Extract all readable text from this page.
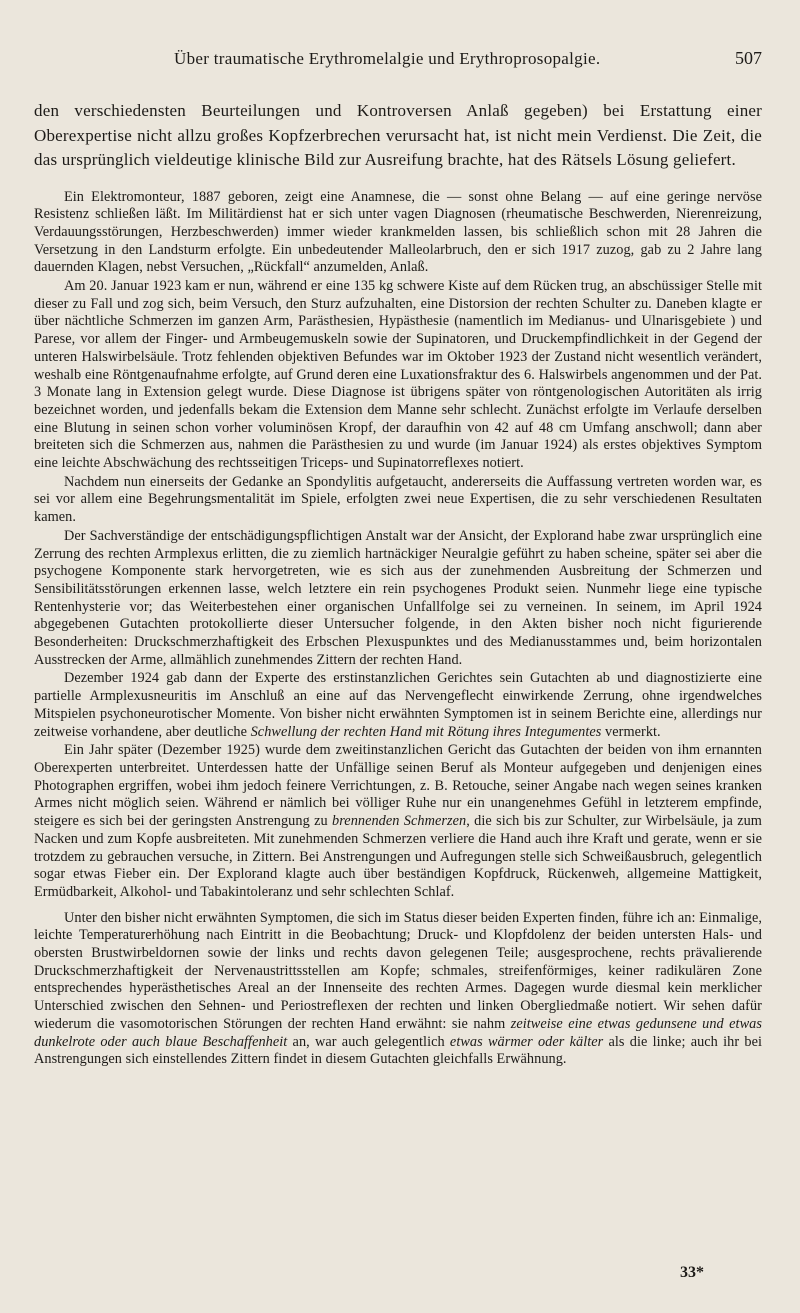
Über traumatische Erythromelalgie und Erythroprosopalgie.	507

den verschiedensten Beurteilungen und Kontroversen Anlaß gegeben) bei Erstattung einer Oberexpertise nicht allzu großes Kopfzerbrechen verursacht hat, ist nicht mein Verdienst. Die Zeit, die das ursprünglich vieldeutige klinische Bild zur Ausreifung brachte, hat des Rätsels Lösung geliefert.

Ein Elektromonteur, 1887 geboren, zeigt eine Anamnese, die — sonst ohne Belang — auf eine geringe nervöse Resistenz schließen läßt. Im Militärdienst hat er sich unter vagen Diagnosen (rheumatische Beschwerden, Nierenreizung, Verdauungsstörungen, Herzbeschwerden) immer wieder krankmelden lassen, bis schließlich schon mit 28 Jahren die Versetzung in den Landsturm erfolgte. Ein unbedeutender Malleolarbruch, den er sich 1917 zuzog, gab zu 2 Jahre lang dauernden Klagen, nebst Versuchen, „Rückfall“ anzumelden, Anlaß.

Am 20. Januar 1923 kam er nun, während er eine 135 kg schwere Kiste auf dem Rücken trug, an abschüssiger Stelle mit dieser zu Fall und zog sich, beim Versuch, den Sturz aufzuhalten, eine Distorsion der rechten Schulter zu. Daneben klagte er über nächtliche Schmerzen im ganzen Arm, Parästhesien, Hypästhesie (namentlich im Medianus- und Ulnarisgebiete ) und Parese, vor allem der Finger- und Armbeugemuskeln sowie der Supinatoren, und Druckempfindlichkeit in der Gegend der unteren Halswirbelsäule. Trotz fehlenden objektiven Befundes war im Oktober 1923 der Zustand nicht wesentlich verändert, weshalb eine Röntgenaufnahme erfolgte, auf Grund deren eine Luxationsfraktur des 6. Halswirbels angenommen und der Pat. 3 Monate lang in Extension gelegt wurde. Diese Diagnose ist übrigens später von röntgenologischen Autoritäten als irrig bezeichnet worden, und jedenfalls bekam die Extension dem Manne sehr schlecht. Zunächst erfolgte im Verlaufe derselben eine Blutung in seinen schon vorher voluminösen Kropf, der daraufhin von 42 auf 48 cm Umfang anschwoll; dann aber breiteten sich die Schmerzen aus, nahmen die Parästhesien zu und wurde (im Januar 1924) als erstes objektives Symptom eine leichte Abschwächung des rechtsseitigen Triceps- und Supinatorreflexes notiert.

Nachdem nun einerseits der Gedanke an Spondylitis aufgetaucht, andererseits die Auffassung vertreten worden war, es sei vor allem eine Begehrungsmentalität im Spiele, erfolgten zwei neue Expertisen, die zu sehr verschiedenen Resultaten kamen.

Der Sachverständige der entschädigungspflichtigen Anstalt war der Ansicht, der Explorand habe zwar ursprünglich eine Zerrung des rechten Armplexus erlitten, die zu ziemlich hartnäckiger Neuralgie geführt zu haben scheine, später sei aber die psychogene Komponente stark hervorgetreten, wie es sich aus der zunehmenden Ausbreitung der Schmerzen und Sensibilitätsstörungen erkennen lasse, welch letztere ein rein psychogenes Produkt seien. Nunmehr liege eine typische Rentenhysterie vor; das Weiterbestehen einer organischen Unfallfolge sei zu verneinen. In seinem, im April 1924 abgegebenen Gutachten protokollierte dieser Untersucher folgende, in den Akten bisher noch nicht figurierende Besonderheiten: Druckschmerzhaftigkeit des Erbschen Plexuspunktes und des Medianusstammes und, beim horizontalen Ausstrecken der Arme, allmählich zunehmendes Zittern der rechten Hand.

Dezember 1924 gab dann der Experte des erstinstanzlichen Gerichtes sein Gutachten ab und diagnostizierte eine partielle Armplexusneuritis im Anschluß an eine auf das Nervengeflecht einwirkende Zerrung, ohne irgendwelches Mitspielen psychoneurotischer Momente. Von bisher nicht erwähnten Symptomen ist in seinem Berichte eine, allerdings nur zeitweise vorhandene, aber deutliche Schwellung der rechten Hand mit Rötung ihres Integumentes vermerkt.

Ein Jahr später (Dezember 1925) wurde dem zweitinstanzlichen Gericht das Gutachten der beiden von ihm ernannten Oberexperten unterbreitet. Unterdessen hatte der Unfällige seinen Beruf als Monteur aufgegeben und denjenigen eines Photographen ergriffen, wobei ihm jedoch feinere Verrichtungen, z. B. Retouche, seiner Angabe nach wegen seines kranken Armes nicht möglich seien. Während er nämlich bei völliger Ruhe nur ein unangenehmes Gefühl in letzterem empfinde, steigere es sich bei der geringsten Anstrengung zu brennenden Schmerzen, die sich bis zur Schulter, zur Wirbelsäule, ja zum Nacken und zum Kopfe ausbreiteten. Mit zunehmenden Schmerzen verliere die Hand auch ihre Kraft und gerate, wenn er sie trotzdem zu gebrauchen versuche, in Zittern. Bei Anstrengungen und Aufregungen stelle sich Schweißausbruch, gelegentlich sogar etwas Fieber ein. Der Explorand klagte auch über beständigen Kopfdruck, Rückenweh, allgemeine Mattigkeit, Ermüdbarkeit, Alkohol- und Tabakintoleranz und sehr schlechten Schlaf.

Unter den bisher nicht erwähnten Symptomen, die sich im Status dieser beiden Experten finden, führe ich an: Einmalige, leichte Temperaturerhöhung nach Eintritt in die Beobachtung; Druck- und Klopfdolenz der beiden untersten Hals- und obersten Brustwirbeldornen sowie der links und rechts davon gelegenen Teile; ausgesprochene, rechts prävalierende Druckschmerzhaftigkeit der Nervenaustrittsstellen am Kopfe; schmales, streifenförmiges, keiner radikulären Zone entsprechendes hyperästhetisches Areal an der Innenseite des rechten Armes. Dagegen wurde diesmal kein merklicher Unterschied zwischen den Sehnen- und Periostreflexen der rechten und linken Obergliedmaße notiert. Wir sehen dafür wiederum die vasomotorischen Störungen der rechten Hand erwähnt: sie nahm zeitweise eine etwas gedunsene und etwas dunkelrote oder auch blaue Beschaffenheit an, war auch gelegentlich etwas wärmer oder kälter als die linke; auch ihr bei Anstrengungen sich einstellendes Zittern findet in diesem Gutachten gleichfalls Erwähnung.

33*
